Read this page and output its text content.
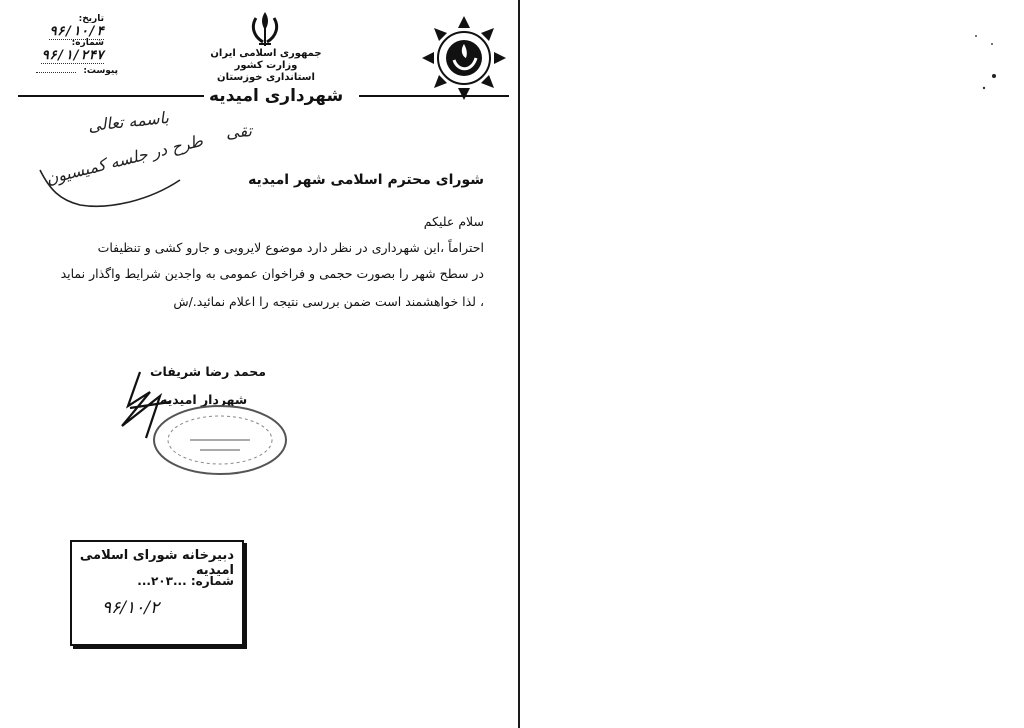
تاریخ: ۹۶/۱۰/۴
شماره: ۹۶/۱/۲۴۷
پیوست:
جمهوری اسلامی ایران
وزارت کشور
استانداری خوزستان
شهرداری امیدیه
باسمه تعالی	تقی
طرح در جلسه کمیسیون	شورای محترم اسلامی شهر امیدیه
سلام علیکم
احتراماً ،این شهرداری در نظر دارد موضوع لایروبی و جارو کشی و تنظیفات
در سطح شهر را بصورت حجمی و فراخوان عمومی به واجدین شرایط واگذار نماید
، لذا خواهشمند است ضمن بررسی نتیجه را اعلام نمائید./ش
محمد رضا شریفات
شهردار امیدیه
دبیرخانه شورای اسلامی امیدیه
شماره: ...۲۰۳...
۹۶/۱۰/۲
